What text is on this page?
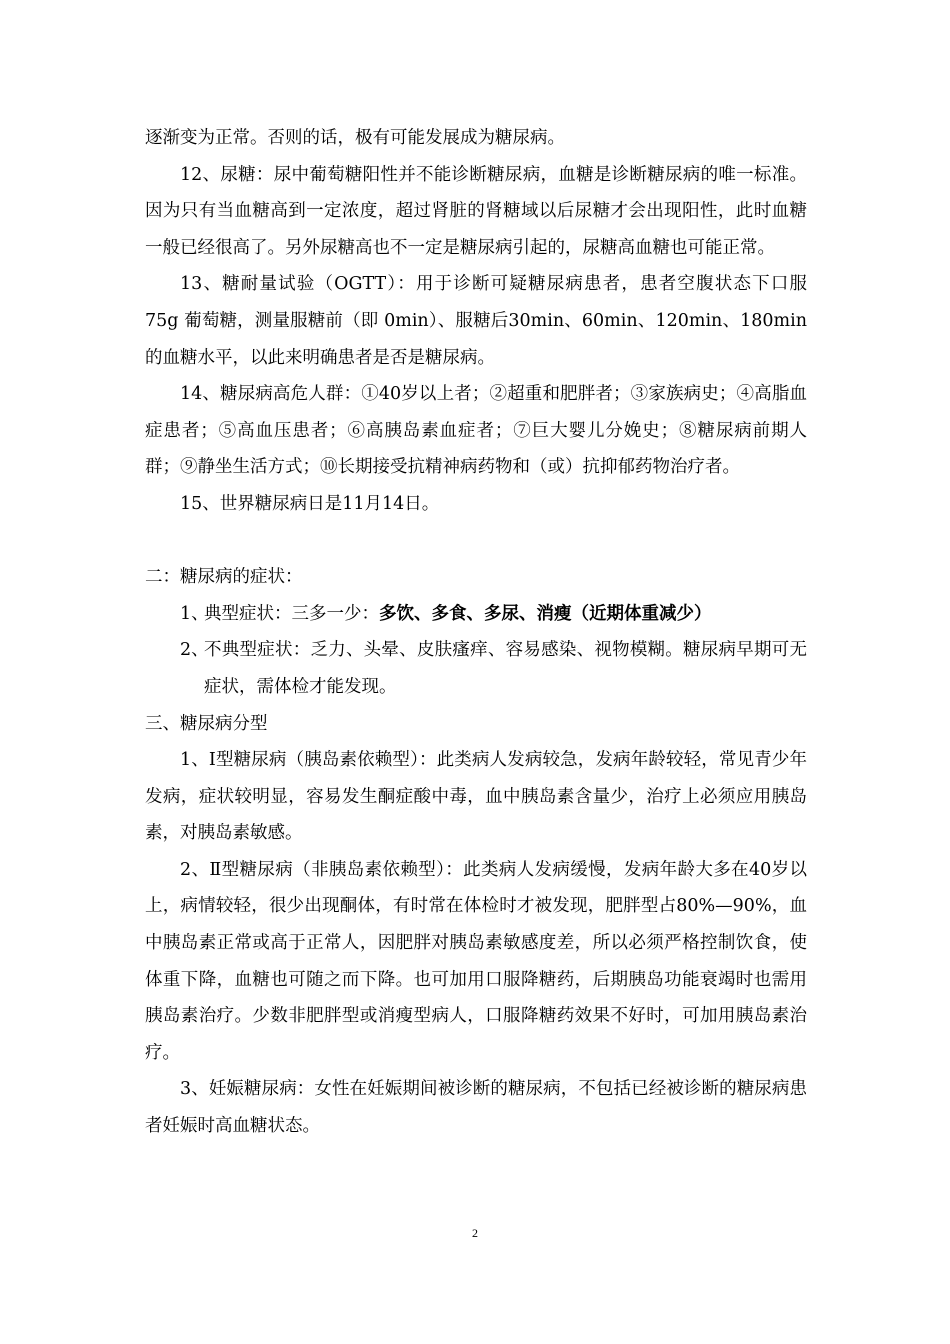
逐渐变为正常。否则的话，极有可能发展成为糖尿病。

12、尿糖：尿中葡萄糖阳性并不能诊断糖尿病，血糖是诊断糖尿病的唯一标准。因为只有当血糖高到一定浓度，超过肾脏的肾糖域以后尿糖才会出现阳性，此时血糖一般已经很高了。另外尿糖高也不一定是糖尿病引起的，尿糖高血糖也可能正常。

13、糖耐量试验（OGTT）：用于诊断可疑糖尿病患者，患者空腹状态下口服 75g 葡萄糖，测量服糖前（即 0min）、服糖后30min、60min、120min、180min的血糖水平，以此来明确患者是否是糖尿病。

14、糖尿病高危人群：①40岁以上者；②超重和肥胖者；③家族病史；④高脂血症患者；⑤高血压患者；⑥高胰岛素血症者；⑦巨大婴儿分娩史；⑧糖尿病前期人群；⑨静坐生活方式；⑩长期接受抗精神病药物和（或）抗抑郁药物治疗者。

15、世界糖尿病日是11月14日。

二：糖尿病的症状：

1、
典型症状：三多一少：多饮、多食、多尿、消瘦（近期体重减少）

2、
不典型症状：乏力、头晕、皮肤瘙痒、容易感染、视物模糊。糖尿病早期可无症状，需体检才能发现。

三、糖尿病分型

1、Ⅰ型糖尿病（胰岛素依赖型）：此类病人发病较急，发病年龄较轻，常见青少年发病，症状较明显，容易发生酮症酸中毒，血中胰岛素含量少，治疗上必须应用胰岛素，对胰岛素敏感。

2、Ⅱ型糖尿病（非胰岛素依赖型）：此类病人发病缓慢，发病年龄大多在40岁以上，病情较轻，很少出现酮体，有时常在体检时才被发现，肥胖型占80%—90%，血中胰岛素正常或高于正常人，因肥胖对胰岛素敏感度差，所以必须严格控制饮食，使体重下降，血糖也可随之而下降。也可加用口服降糖药，后期胰岛功能衰竭时也需用胰岛素治疗。少数非肥胖型或消瘦型病人，口服降糖药效果不好时，可加用胰岛素治疗。

3、妊娠糖尿病：女性在妊娠期间被诊断的糖尿病，不包括已经被诊断的糖尿病患者妊娠时高血糖状态。

2
